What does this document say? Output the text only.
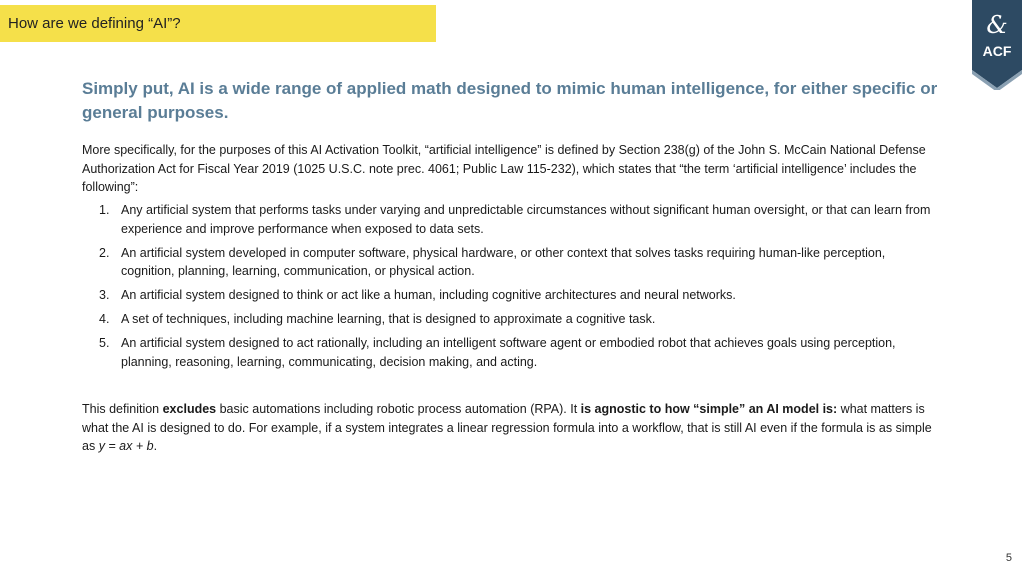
How are we defining “AI”?	&
ACF
Simply put, AI is a wide range of applied math designed to mimic human intelligence, for either specific or general purposes.
More specifically, for the purposes of this AI Activation Toolkit, “artificial intelligence” is defined by Section 238(g) of the John S. McCain National Defense Authorization Act for Fiscal Year 2019 (1025 U.S.C. note prec. 4061; Public Law 115-232), which states that “the term ‘artificial intelligence’ includes the following”:
1. Any artificial system that performs tasks under varying and unpredictable circumstances without significant human oversight, or that can learn from experience and improve performance when exposed to data sets.
2. An artificial system developed in computer software, physical hardware, or other context that solves tasks requiring human-like perception, cognition, planning, learning, communication, or physical action.
3. An artificial system designed to think or act like a human, including cognitive architectures and neural networks.
4. A set of techniques, including machine learning, that is designed to approximate a cognitive task.
5. An artificial system designed to act rationally, including an intelligent software agent or embodied robot that achieves goals using perception, planning, reasoning, learning, communicating, decision making, and acting.
This definition excludes basic automations including robotic process automation (RPA). It is agnostic to how “simple” an AI model is: what matters is what the AI is designed to do. For example, if a system integrates a linear regression formula into a workflow, that is still AI even if the formula is as simple as y = ax + b.
5
